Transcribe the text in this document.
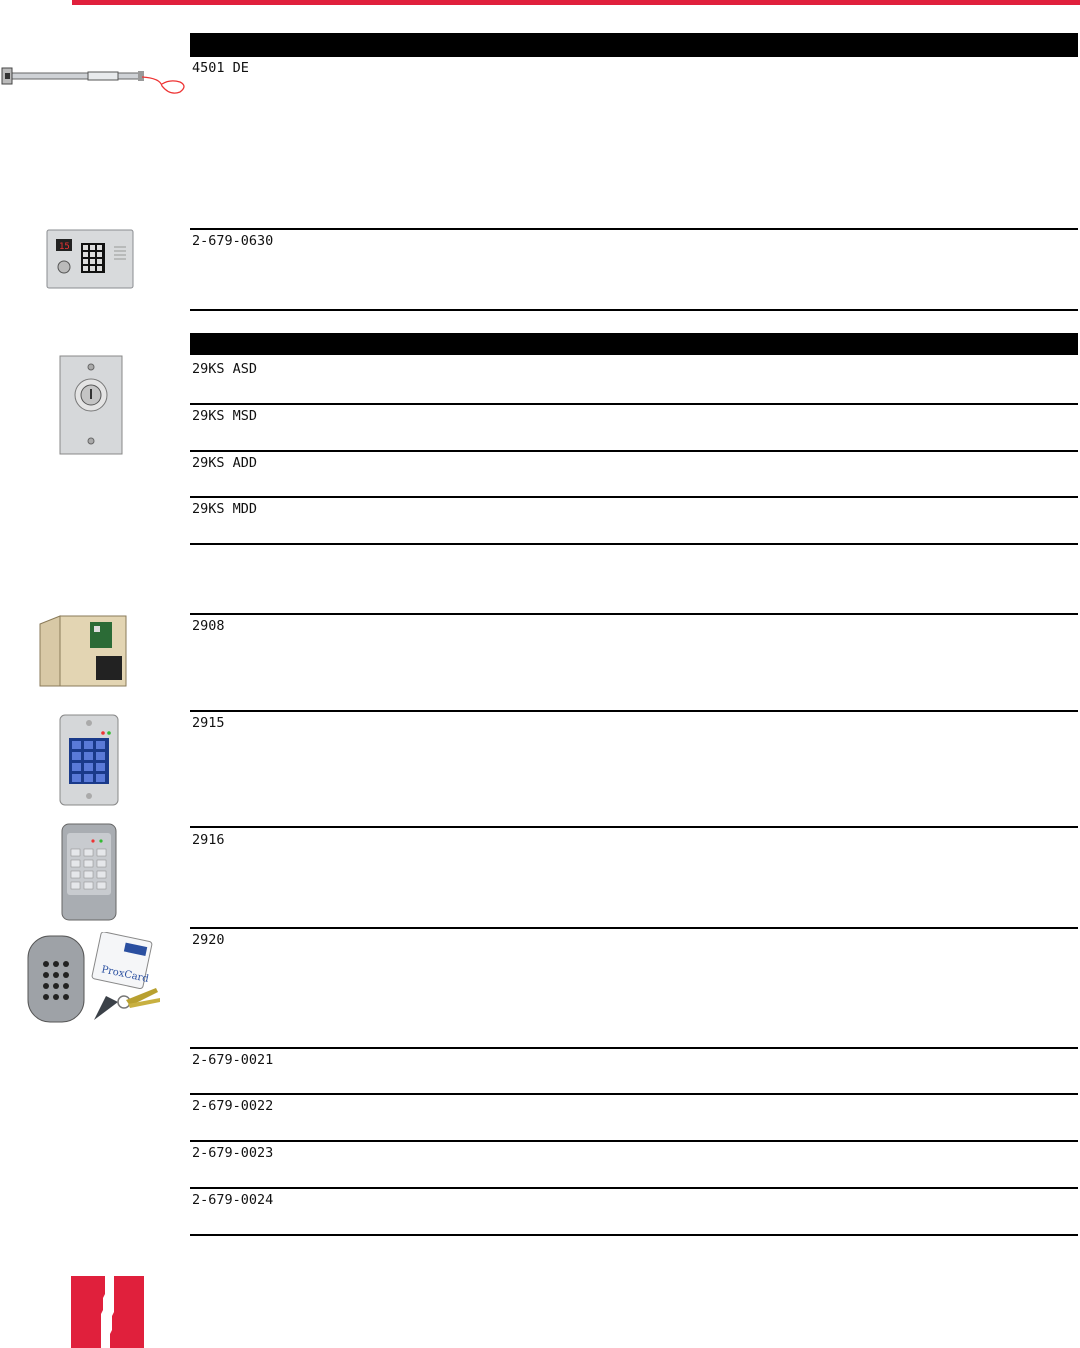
4501 DE
2-679-0630
29KS ASD
29KS MSD
29KS ADD
29KS MDD
2908
2915
2916
2920
2-679-0021
2-679-0022
2-679-0023
2-679-0024
15
ProxCard
